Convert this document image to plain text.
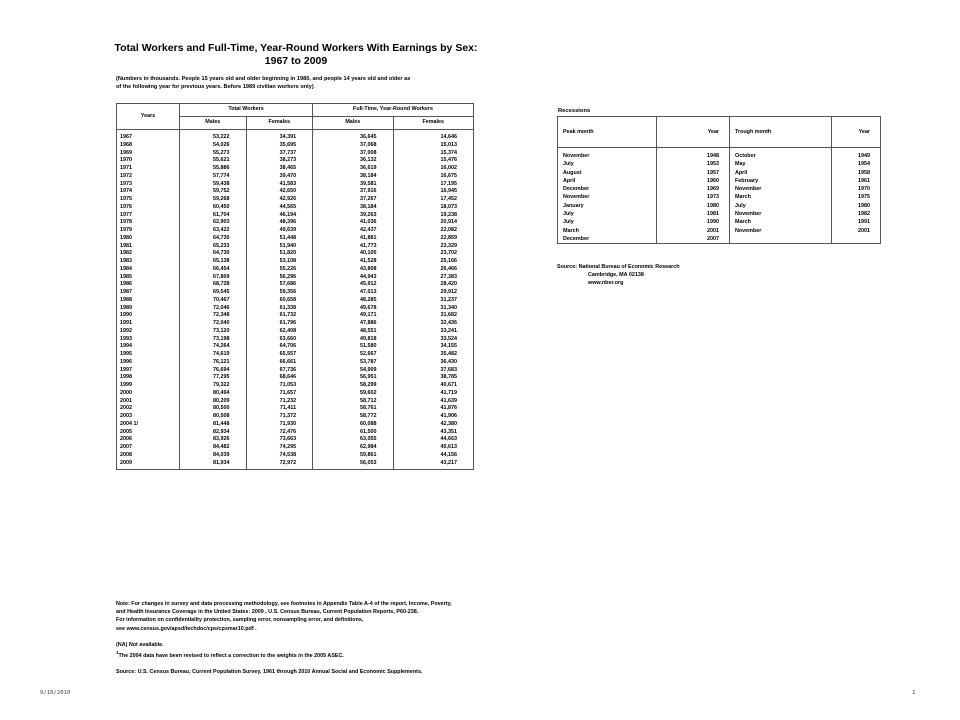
Total Workers and Full-Time, Year-Round Workers With Earnings by Sex:
1967 to 2009
(Numbers in thousands. People 15 years old and older beginning in 1980, and people 14 years old and older as
of the following year for previous years. Before 1989 civilian workers only)
Years	Total Workers		Full-Time, Year-Round Workers	
	Males	Females	Males	Females
1967	53,222	34,391	36,645	14,646
1968	54,026	35,695	37,068	15,013
1969	55,273	37,737	37,008	15,374
1970	55,621	38,273	36,132	15,476
1971	55,886	38,465	36,619	16,002
1972	57,774	39,470	38,184	16,675
1973	59,438	41,583	39,581	17,195
1974	59,752	42,650	37,916	16,945
1975	59,268	42,926	37,267	17,452
1976	60,450	44,565	38,184	18,073
1977	61,704	46,194	39,263	19,238
1978	62,903	48,396	41,036	20,914
1979	63,422	49,639	42,437	22,082
1980	64,730	51,448	41,881	22,859
1981	65,233	51,940	41,773	23,329
1982	64,730	51,820	40,105	23,702
1983	65,138	53,108	41,528	25,166
1984	66,454	55,226	43,808	26,466
1985	67,809	56,296	44,943	27,383
1986	68,728	57,686	45,912	28,420
1987	69,545	59,356	47,013	29,912
1988	70,467	60,658	48,285	31,237
1989	72,046	61,338	49,678	31,340
1990	72,348	61,732	49,171	31,682
1991	72,040	61,796	47,886	32,436
1992	73,120	62,408	48,551	33,241
1993	73,198	63,660	49,818	33,524
1994	74,264	64,706	51,580	34,155
1995	74,619	65,557	52,667	35,482
1996	76,121	66,661	53,787	36,430
1997	76,694	67,736	54,909	37,683
1998	77,295	68,646	56,951	38,785
1999	79,322	71,053	58,299	40,671
2000	80,494	71,657	59,602	41,719
2001	80,209	71,232	58,712	41,639
2002	80,500	71,411	58,761	41,876
2003	80,508	71,372	58,772	41,906
2004 1/	81,448	71,930	60,088	42,380
2005	82,934	72,476	61,500	43,351
2006	83,926	73,663	63,055	44,663
2007	84,482	74,295	62,984	45,613
2008	84,039	74,538	59,861	44,156
2009	81,934	72,972	56,053	43,217
Recessions
Peak month	Year	Trough month	Year
November	1948	October	1949
July	1953	May	1954
August	1957	April	1958
April	1960	February	1961
December	1969	November	1970
November	1973	March	1975
January	1980	July	1980
July	1981	November	1982
July	1990	March	1991
March	2001	November	2001
December	2007		
Source: National Bureau of Economic Research
Cambridge, MA 02138
www.nber.org

Note: For changes in survey and data processing methodology, see footnotes in Appendix Table A-4 of the report, Income, Poverty,

and Health Insurance Coverage in the United States: 2009 , U.S. Census Bureau, Current Population Reports, P60-238.

For information on confidentiality protection, sampling error, nonsampling error, and definitions,

see www.census.gov/apsd/techdoc/cps/cpsmar10.pdf .

(NA) Not available.

$^1$The 2004 data have been revised to reflect a correction to the weights in the 2005 ASEC.

Source: U.S. Census Bureau, Current Population Survey, 1961 through 2010 Annual Social and Economic Supplements.

9/10/2010	1
